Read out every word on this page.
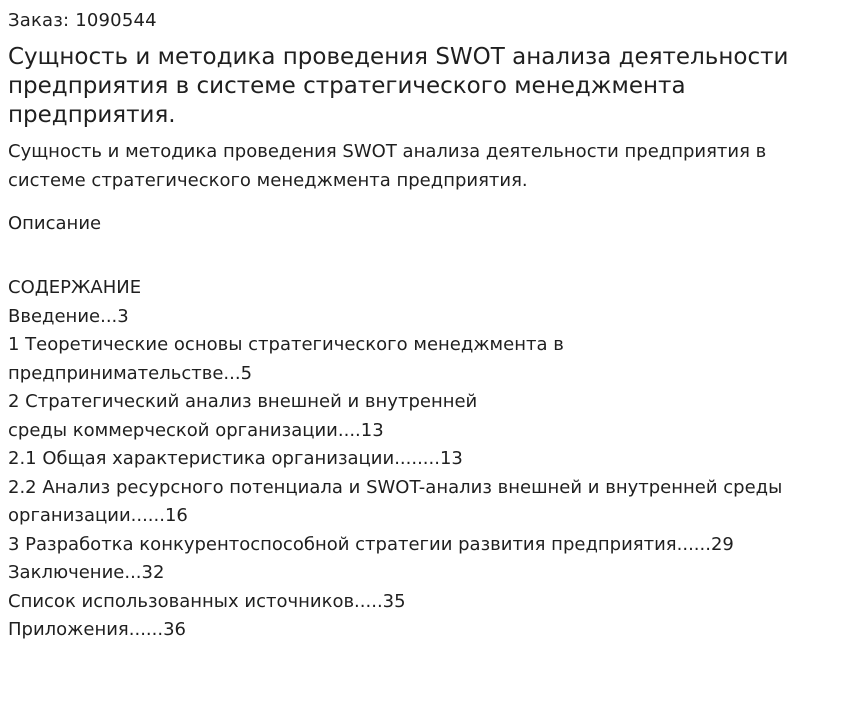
Заказ: 1090544
Сущность и методика проведения SWOT анализа деятельности
предприятия в системе стратегического менеджмента
предприятия.
Сущность и методика проведения SWOT анализа деятельности предприятия в
системе стратегического менеджмента предприятия.
Описание
СОДЕРЖАНИЕ
Введение...3
1 Теоретические основы стратегического менеджмента в
предпринимательстве...5
2 Стратегический анализ внешней и внутренней
среды коммерческой организации....13
2.1 Общая характеристика организации........13
2.2 Анализ ресурсного потенциала и SWOT-анализ внешней и внутренней среды
организации......16
3 Разработка конкурентоспособной стратегии развития предприятия......29
Заключение...32
Список использованных источников.....35
Приложения......36
